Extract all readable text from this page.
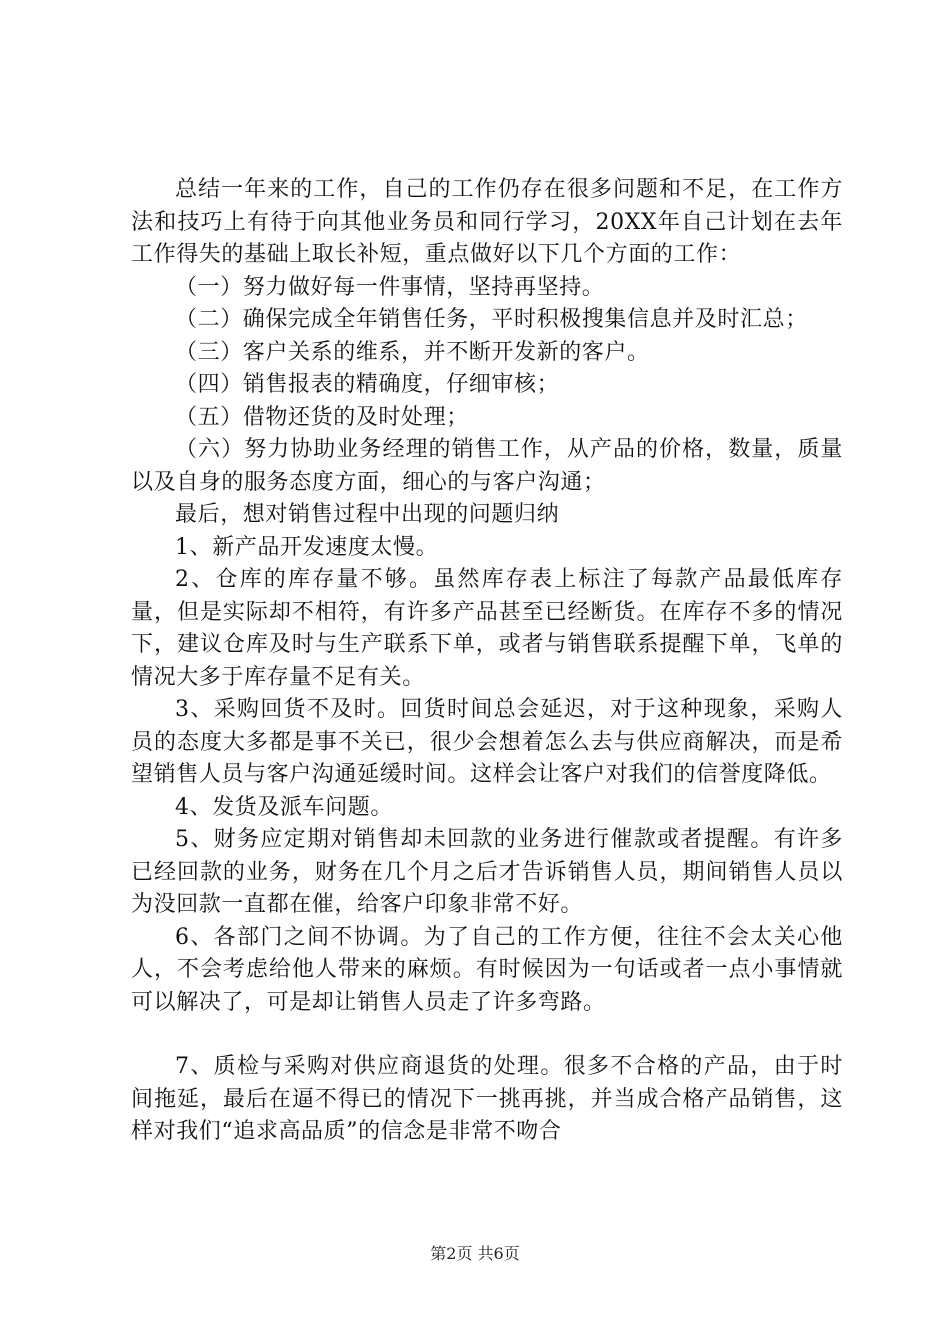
总结一年来的工作，自己的工作仍存在很多问题和不足，在工作方法和技巧上有待于向其他业务员和同行学习，20XX年自己计划在去年工作得失的基础上取长补短，重点做好以下几个方面的工作：

（一）努力做好每一件事情，坚持再坚持。

（二）确保完成全年销售任务，平时积极搜集信息并及时汇总；

（三）客户关系的维系，并不断开发新的客户。

（四）销售报表的精确度，仔细审核；

（五）借物还货的及时处理；

（六）努力协助业务经理的销售工作，从产品的价格，数量，质量以及自身的服务态度方面，细心的与客户沟通；

最后，想对销售过程中出现的问题归纳

1、新产品开发速度太慢。

2、仓库的库存量不够。虽然库存表上标注了每款产品最低库存量，但是实际却不相符，有许多产品甚至已经断货。在库存不多的情况下，建议仓库及时与生产联系下单，或者与销售联系提醒下单，飞单的情况大多于库存量不足有关。

3、采购回货不及时。回货时间总会延迟，对于这种现象，采购人员的态度大多都是事不关已，很少会想着怎么去与供应商解决，而是希望销售人员与客户沟通延缓时间。这样会让客户对我们的信誉度降低。

4、发货及派车问题。

5、财务应定期对销售却未回款的业务进行催款或者提醒。有许多已经回款的业务，财务在几个月之后才告诉销售人员，期间销售人员以为没回款一直都在催，给客户印象非常不好。

6、各部门之间不协调。为了自己的工作方便，往往不会太关心他人，不会考虑给他人带来的麻烦。有时候因为一句话或者一点小事情就可以解决了，可是却让销售人员走了许多弯路。

7、质检与采购对供应商退货的处理。很多不合格的产品，由于时间拖延，最后在逼不得已的情况下一挑再挑，并当成合格产品销售，这样对我们“追求高品质”的信念是非常不吻合

第2页 共6页
